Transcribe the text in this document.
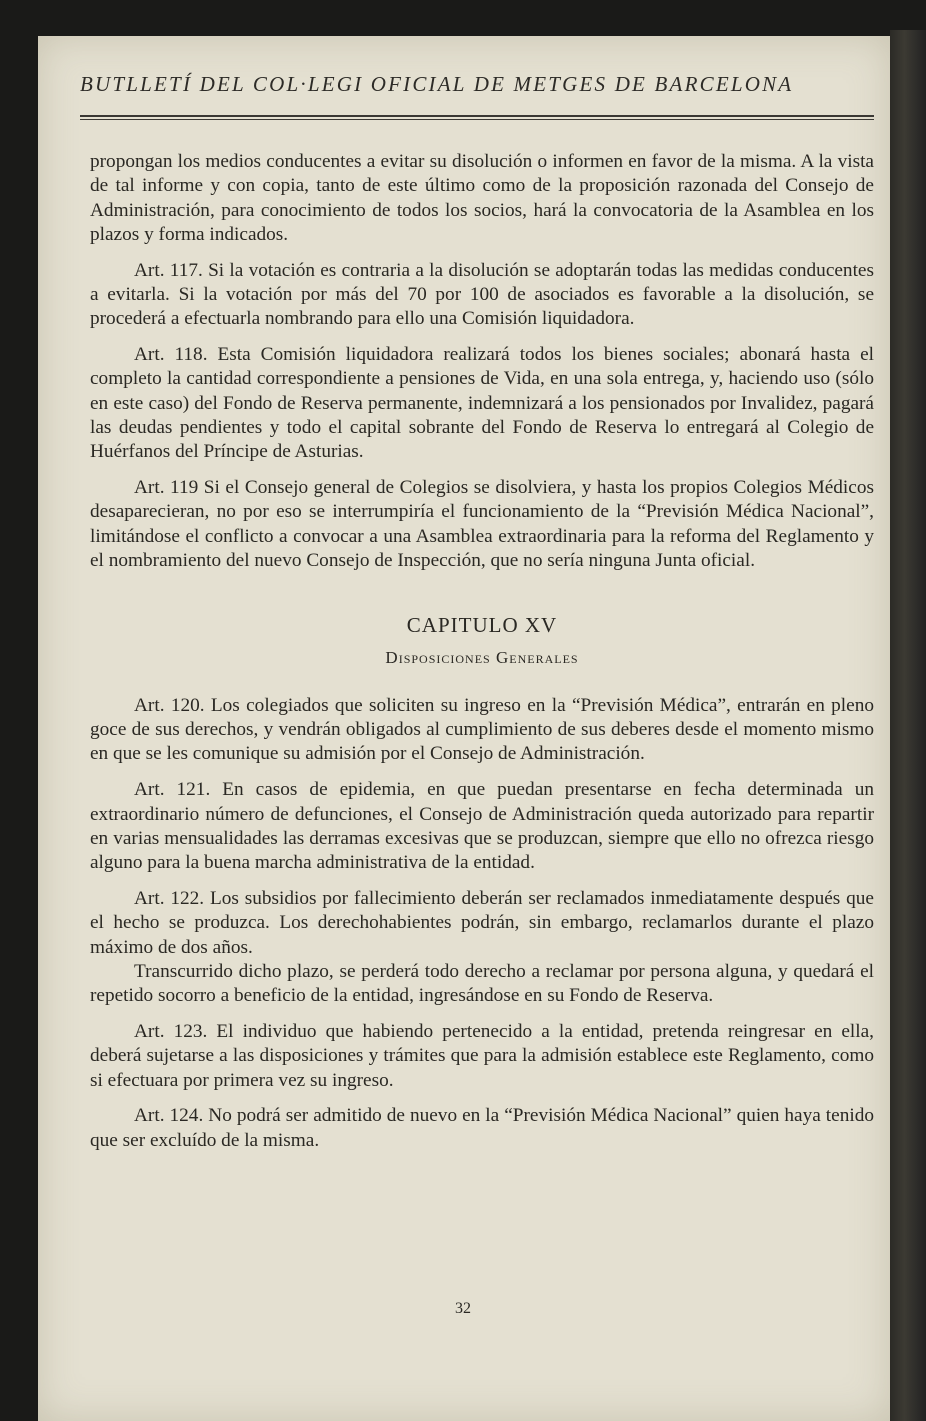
BUTLLETÍ DEL COL·LEGI OFICIAL DE METGES DE BARCELONA

propongan los medios conducentes a evitar su disolución o informen en favor de la misma. A la vista de tal informe y con copia, tanto de este último como de la proposición razonada del Consejo de Administración, para conocimiento de todos los socios, hará la convocatoria de la Asamblea en los plazos y forma indicados.

Art. 117. Si la votación es contraria a la disolución se adoptarán todas las medidas conducentes a evitarla. Si la votación por más del 70 por 100 de asociados es favorable a la disolución, se procederá a efectuarla nombrando para ello una Comisión liquidadora.

Art. 118. Esta Comisión liquidadora realizará todos los bienes sociales; abonará hasta el completo la cantidad correspondiente a pensiones de Vida, en una sola entrega, y, haciendo uso (sólo en este caso) del Fondo de Reserva permanente, indemnizará a los pensionados por Invalidez, pagará las deudas pendientes y todo el capital sobrante del Fondo de Reserva lo entregará al Colegio de Huérfanos del Príncipe de Asturias.

Art. 119 Si el Consejo general de Colegios se disolviera, y hasta los propios Colegios Médicos desaparecieran, no por eso se interrumpiría el funcionamiento de la “Previsión Médica Nacional”, limitándose el conflicto a convocar a una Asamblea extraordinaria para la reforma del Reglamento y el nombramiento del nuevo Consejo de Inspección, que no sería ninguna Junta oficial.

CAPITULO XV
Disposiciones Generales

Art. 120. Los colegiados que soliciten su ingreso en la “Previsión Médica”, entrarán en pleno goce de sus derechos, y vendrán obligados al cumplimiento de sus deberes desde el momento mismo en que se les comunique su admisión por el Consejo de Administración.

Art. 121. En casos de epidemia, en que puedan presentarse en fecha determinada un extraordinario número de defunciones, el Consejo de Administración queda autorizado para repartir en varias mensualidades las derramas excesivas que se produzcan, siempre que ello no ofrezca riesgo alguno para la buena marcha administrativa de la entidad.

Art. 122. Los subsidios por fallecimiento deberán ser reclamados inmediatamente después que el hecho se produzca. Los derechohabientes podrán, sin embargo, reclamarlos durante el plazo máximo de dos años.

Transcurrido dicho plazo, se perderá todo derecho a reclamar por persona alguna, y quedará el repetido socorro a beneficio de la entidad, ingresándose en su Fondo de Reserva.

Art. 123. El individuo que habiendo pertenecido a la entidad, pretenda reingresar en ella, deberá sujetarse a las disposiciones y trámites que para la admisión establece este Reglamento, como si efectuara por primera vez su ingreso.

Art. 124. No podrá ser admitido de nuevo en la “Previsión Médica Nacional” quien haya tenido que ser excluído de la misma.

32
